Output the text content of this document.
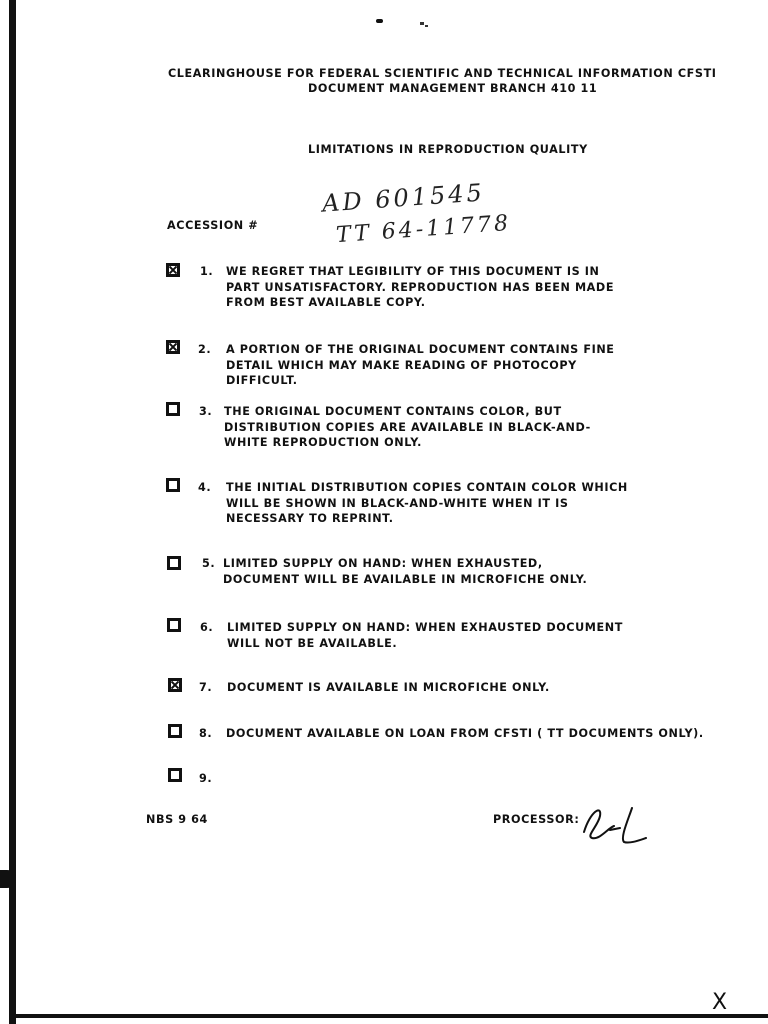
CLEARINGHOUSE FOR FEDERAL SCIENTIFIC AND TECHNICAL INFORMATION CFSTI
DOCUMENT MANAGEMENT BRANCH 410 11
LIMITATIONS IN REPRODUCTION QUALITY
ACCESSION #
AD 601545
TT 64-11778
1. WE REGRET THAT LEGIBILITY OF THIS DOCUMENT IS IN PART UNSATISFACTORY. REPRODUCTION HAS BEEN MADE FROM BEST AVAILABLE COPY.
2. A PORTION OF THE ORIGINAL DOCUMENT CONTAINS FINE DETAIL WHICH MAY MAKE READING OF PHOTOCOPY DIFFICULT.
3. THE ORIGINAL DOCUMENT CONTAINS COLOR, BUT DISTRIBUTION COPIES ARE AVAILABLE IN BLACK-AND-WHITE REPRODUCTION ONLY.
4. THE INITIAL DISTRIBUTION COPIES CONTAIN COLOR WHICH WILL BE SHOWN IN BLACK-AND-WHITE WHEN IT IS NECESSARY TO REPRINT.
5. LIMITED SUPPLY ON HAND: WHEN EXHAUSTED, DOCUMENT WILL BE AVAILABLE IN MICROFICHE ONLY.
6. LIMITED SUPPLY ON HAND: WHEN EXHAUSTED DOCUMENT WILL NOT BE AVAILABLE.
7. DOCUMENT IS AVAILABLE IN MICROFICHE ONLY.
8. DOCUMENT AVAILABLE ON LOAN FROM CFSTI ( TT DOCUMENTS ONLY).
9.
NBS 9 64	PROCESSOR:
X
